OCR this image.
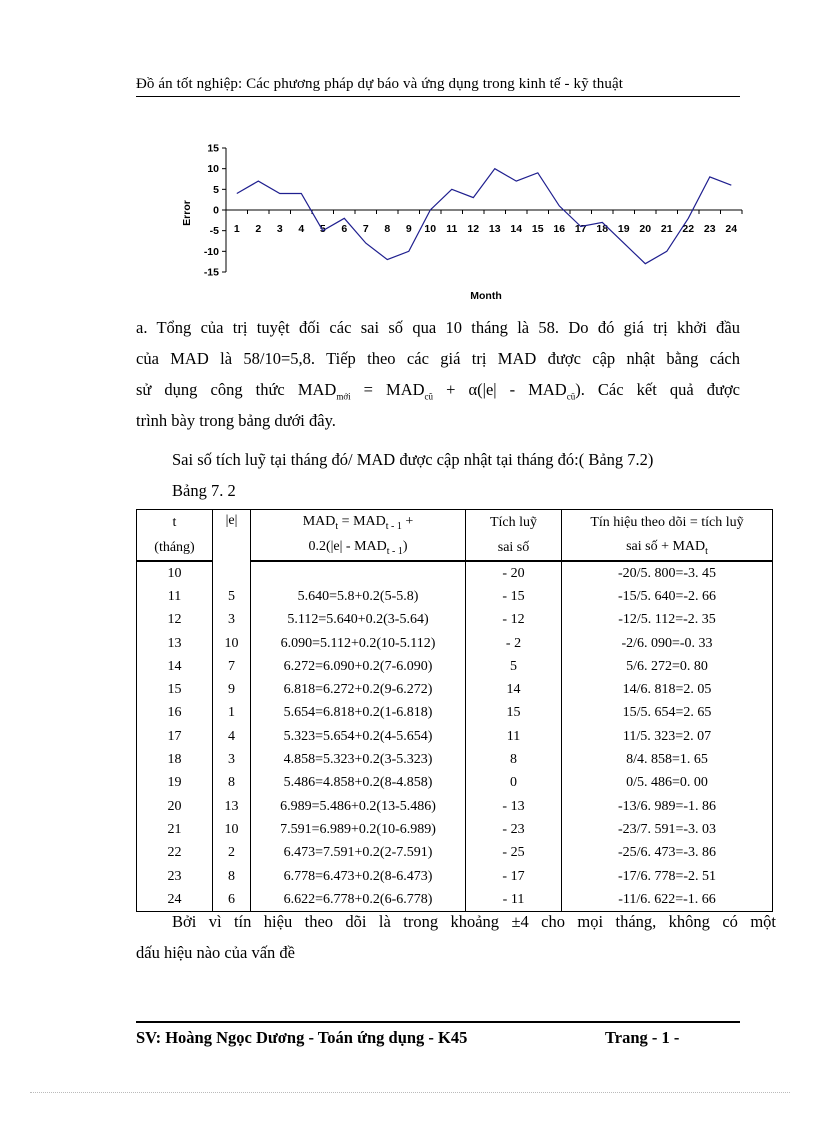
Đồ án tốt nghiệp: Các phương pháp dự báo và ứng dụng trong kinh tế - kỹ thuật
15
10
5
0
-5
-10
-15
1 2 3 4 5 6 7 8 9 10 11 12 13 14 15 16 17 18 19 20 21 22 23 24
Error
Month
a. Tổng của trị tuyệt đối các sai số qua 10 tháng là 58. Do đó giá trị khởi đầu
của MAD là 58/10=5,8. Tiếp theo các giá trị MAD được cập nhật bằng cách
sử dụng công thức $MAD_{mới} = MAD_{cũ} + \alpha(|e| - MAD_{cũ})$. Các kết quả được
trình bày trong bảng dưới đây.
Sai số tích luỹ tại tháng đó/ MAD được cập nhật tại tháng đó:( Bảng 7.2)
Bảng 7. 2
t	|e|	$MAD_t = MAD_{t - 1}$ +	Tích luỹ	Tín hiệu theo dõi = tích luỹ
(tháng)		$0.2(|e| - MAD_{t - 1})$	sai số	sai số + $MAD_t$
10			- 20	-20/5. 800=-3. 45
11	5	5.640=5.8+0.2(5-5.8)	- 15	-15/5. 640=-2. 66
12	3	5.112=5.640+0.2(3-5.64)	- 12	-12/5. 112=-2. 35
13	10	6.090=5.112+0.2(10-5.112)	- 2	-2/6. 090=-0. 33
14	7	6.272=6.090+0.2(7-6.090)	5	5/6. 272=0. 80
15	9	6.818=6.272+0.2(9-6.272)	14	14/6. 818=2. 05
16	1	5.654=6.818+0.2(1-6.818)	15	15/5. 654=2. 65
17	4	5.323=5.654+0.2(4-5.654)	11	11/5. 323=2. 07
18	3	4.858=5.323+0.2(3-5.323)	8	8/4. 858=1. 65
19	8	5.486=4.858+0.2(8-4.858)	0	0/5. 486=0. 00
20	13	6.989=5.486+0.2(13-5.486)	- 13	-13/6. 989=-1. 86
21	10	7.591=6.989+0.2(10-6.989)	- 23	-23/7. 591=-3. 03
22	2	6.473=7.591+0.2(2-7.591)	- 25	-25/6. 473=-3. 86
23	8	6.778=6.473+0.2(8-6.473)	- 17	-17/6. 778=-2. 51
24	6	6.622=6.778+0.2(6-6.778)	- 11	-11/6. 622=-1. 66
Bởi vì tín hiệu theo dõi là trong khoảng ±4 cho mọi tháng, không có một
dấu hiệu nào của vấn đề
SV: Hoàng Ngọc Dương - Toán ứng dụng - K45	Trang - 1 -
